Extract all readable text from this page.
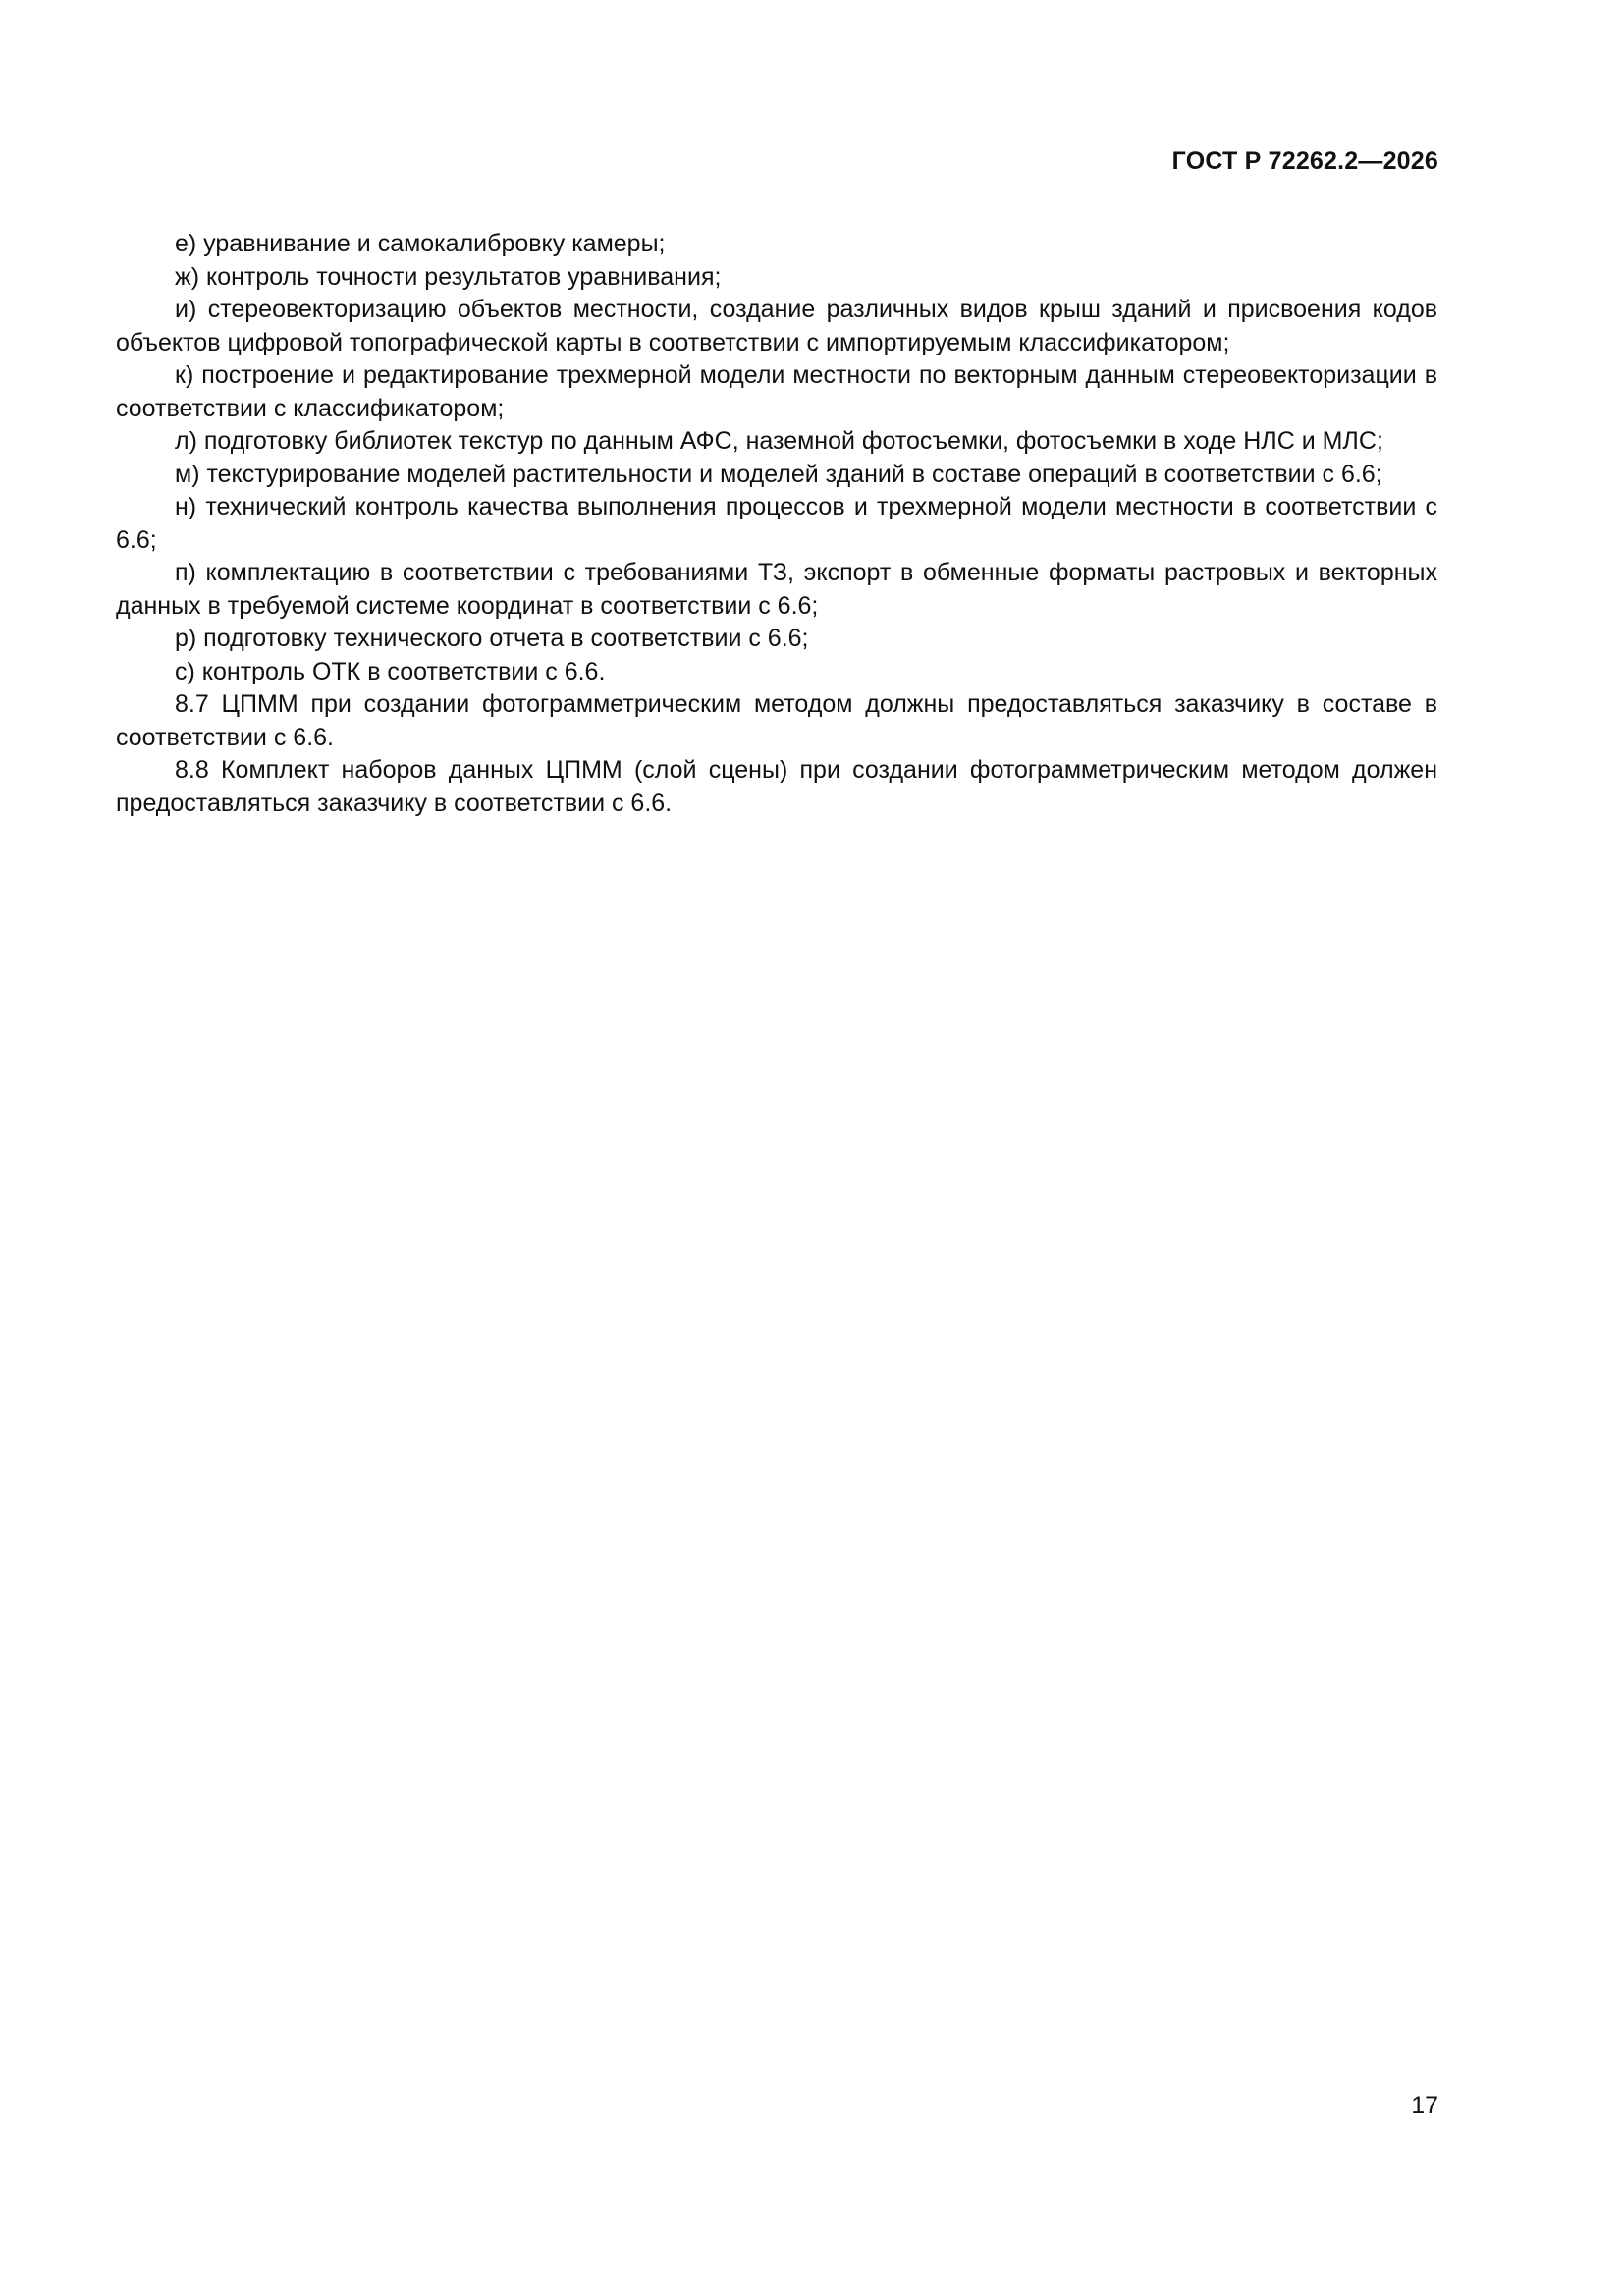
ГОСТ Р 72262.2—2026

е) уравнивание и самокалибровку камеры;

ж) контроль точности результатов уравнивания;

и) стереовекторизацию объектов местности, создание различных видов крыш зданий и присвоения кодов объектов цифровой топографической карты в соответствии с импортируемым классификатором;

к) построение и редактирование трехмерной модели местности по векторным данным стереовекторизации в соответствии с классификатором;

л) подготовку библиотек текстур по данным АФС, наземной фотосъемки, фотосъемки в ходе НЛС и МЛС;

м) текстурирование моделей растительности и моделей зданий в составе операций в соответствии с 6.6;

н) технический контроль качества выполнения процессов и трехмерной модели местности в соответствии с 6.6;

п) комплектацию в соответствии с требованиями ТЗ, экспорт в обменные форматы растровых и векторных данных в требуемой системе координат в соответствии с 6.6;

р) подготовку технического отчета в соответствии с 6.6;

с) контроль ОТК в соответствии с 6.6.

8.7 ЦПММ при создании фотограмметрическим методом должны предоставляться заказчику в составе в соответствии с 6.6.

8.8 Комплект наборов данных ЦПММ (слой сцены) при создании фотограмметрическим методом должен предоставляться заказчику в соответствии с 6.6.

17
